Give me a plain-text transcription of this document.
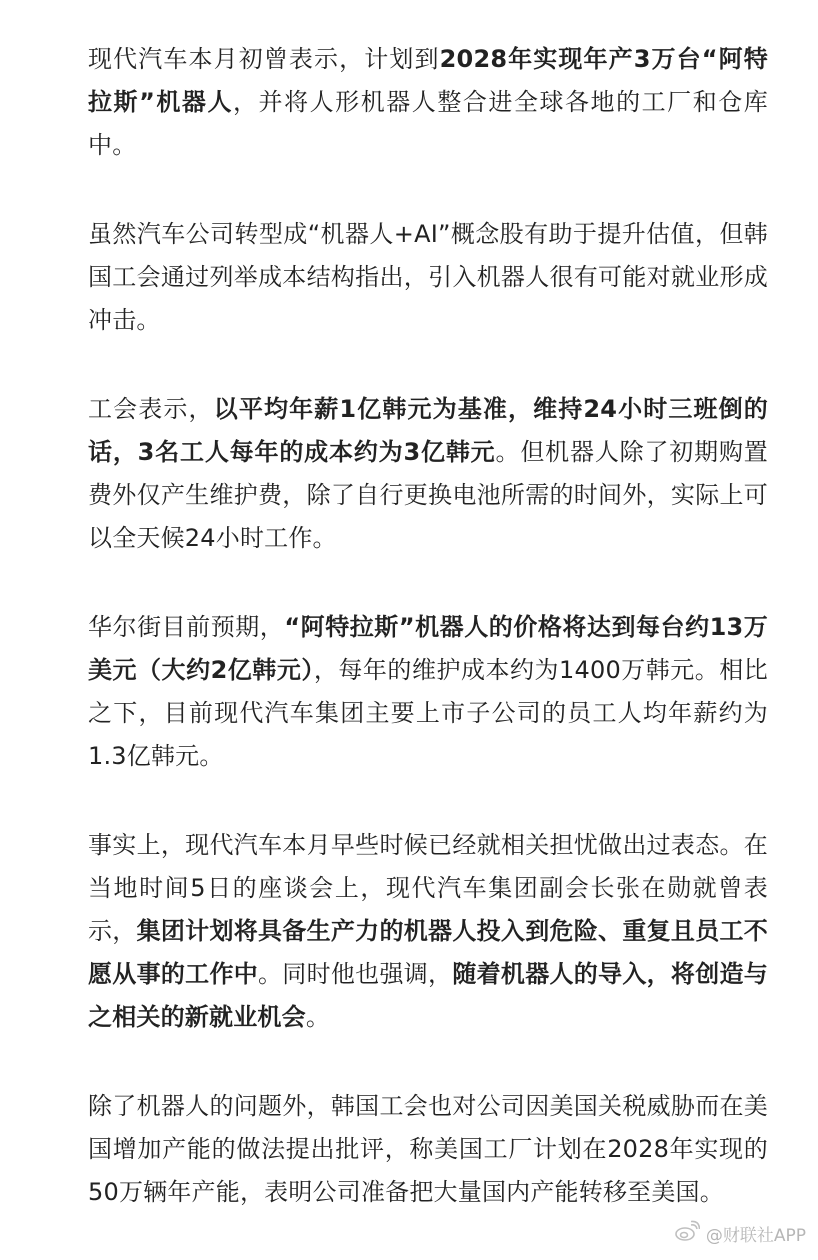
现代汽车本月初曾表示，计划到2028年实现年产3万台“阿特拉斯”机器人，并将人形机器人整合进全球各地的工厂和仓库中。

虽然汽车公司转型成“机器人+AI”概念股有助于提升估值，但韩国工会通过列举成本结构指出，引入机器人很有可能对就业形成冲击。

工会表示，以平均年薪1亿韩元为基准，维持24小时三班倒的话，3名工人每年的成本约为3亿韩元。但机器人除了初期购置费外仅产生维护费，除了自行更换电池所需的时间外，实际上可以全天候24小时工作。

华尔街目前预期，“阿特拉斯”机器人的价格将达到每台约13万美元（大约2亿韩元），每年的维护成本约为1400万韩元。相比之下，目前现代汽车集团主要上市子公司的员工人均年薪约为1.3亿韩元。

事实上，现代汽车本月早些时候已经就相关担忧做出过表态。在当地时间5日的座谈会上，现代汽车集团副会长张在勋就曾表示，集团计划将具备生产力的机器人投入到危险、重复且员工不愿从事的工作中。同时他也强调，随着机器人的导入，将创造与之相关的新就业机会。

除了机器人的问题外，韩国工会也对公司因美国关税威胁而在美国增加产能的做法提出批评，称美国工厂计划在2028年实现的50万辆年产能，表明公司准备把大量国内产能转移至美国。

@财联社APP
